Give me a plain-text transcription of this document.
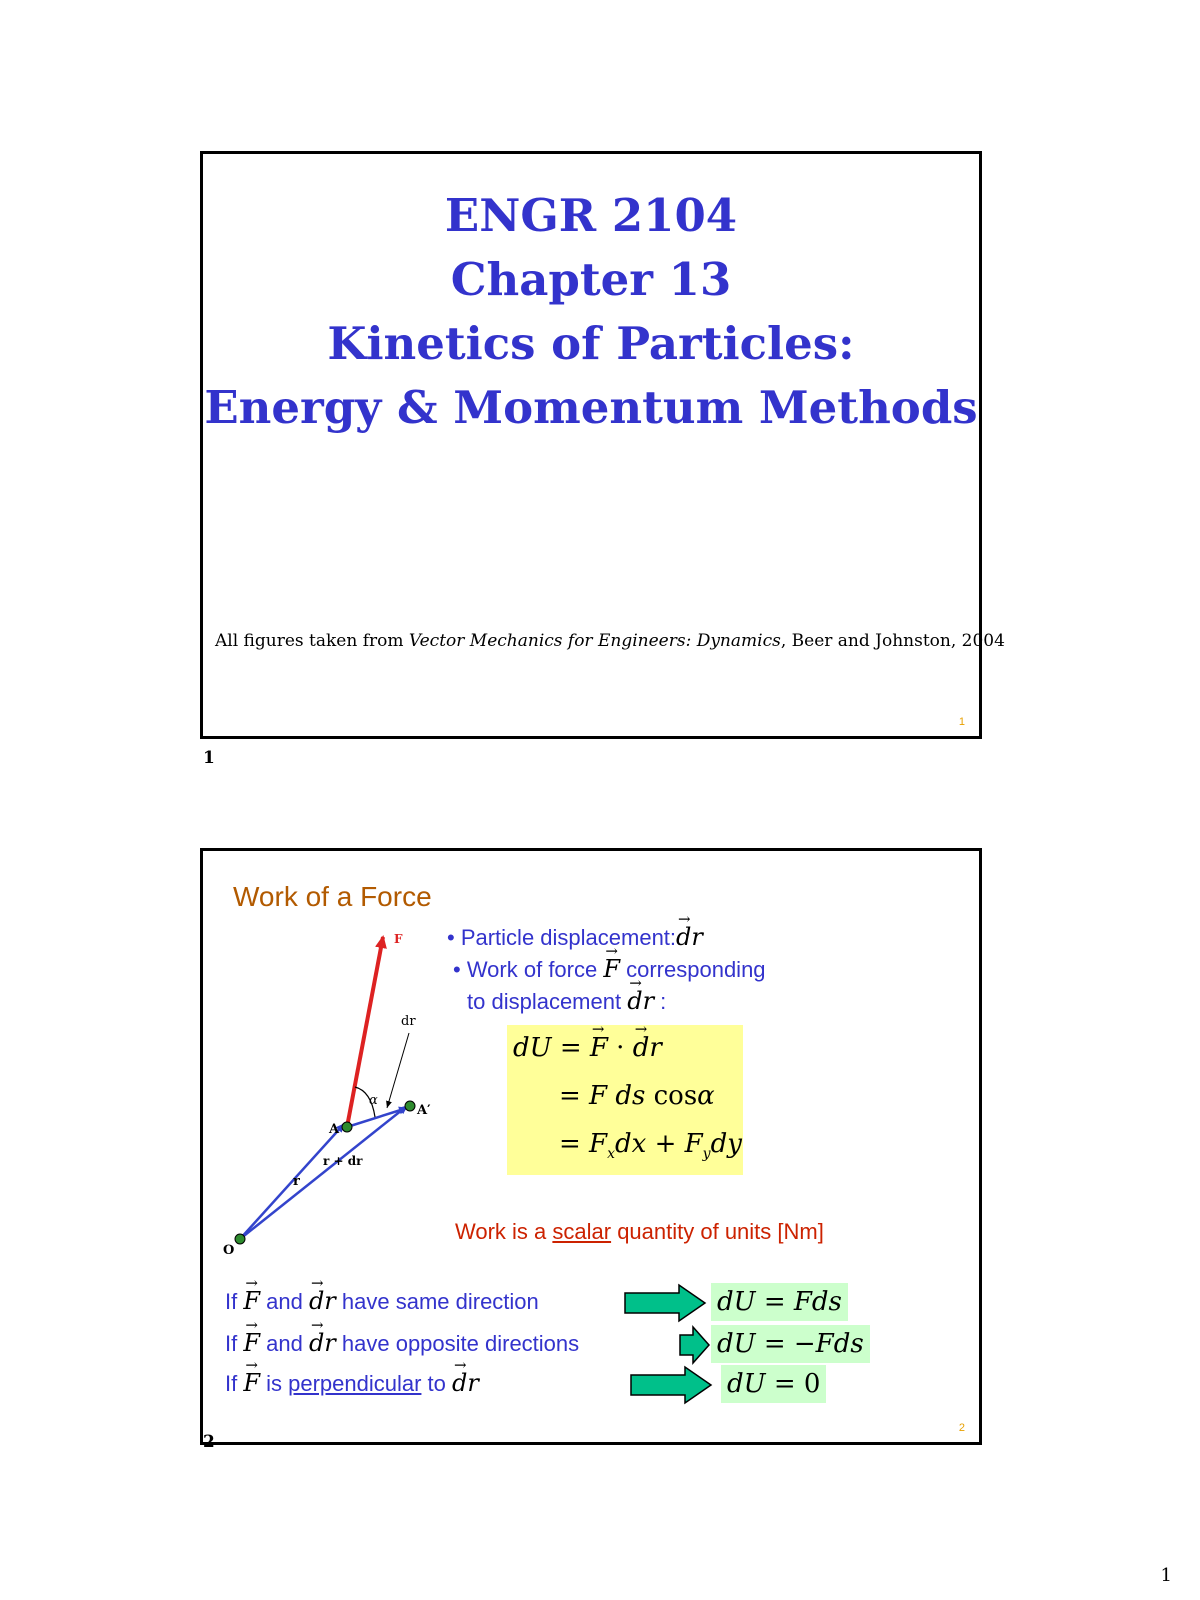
ENGR 2104
Chapter 13
Kinetics of Particles:
Energy & Momentum Methods
All figures taken from Vector Mechanics for Engineers: Dynamics, Beer and Johnston, 2004
1
1
Work of a Force
F
dr
α
A
A′
r
r + dr
O
• Particle displacement:→ dr
• Work of force → F corresponding
to displacement → dr :
dU = → F · → dr
= F ds cosα
= $F_xdx + F_ydy$
Work is a scalar quantity of units [Nm]
If → F and → dr have same direction	dU = Fds
If → F and → dr have opposite directions	dU = −Fds
If → F is perpendicular to → dr	dU = 0
2
2
1
